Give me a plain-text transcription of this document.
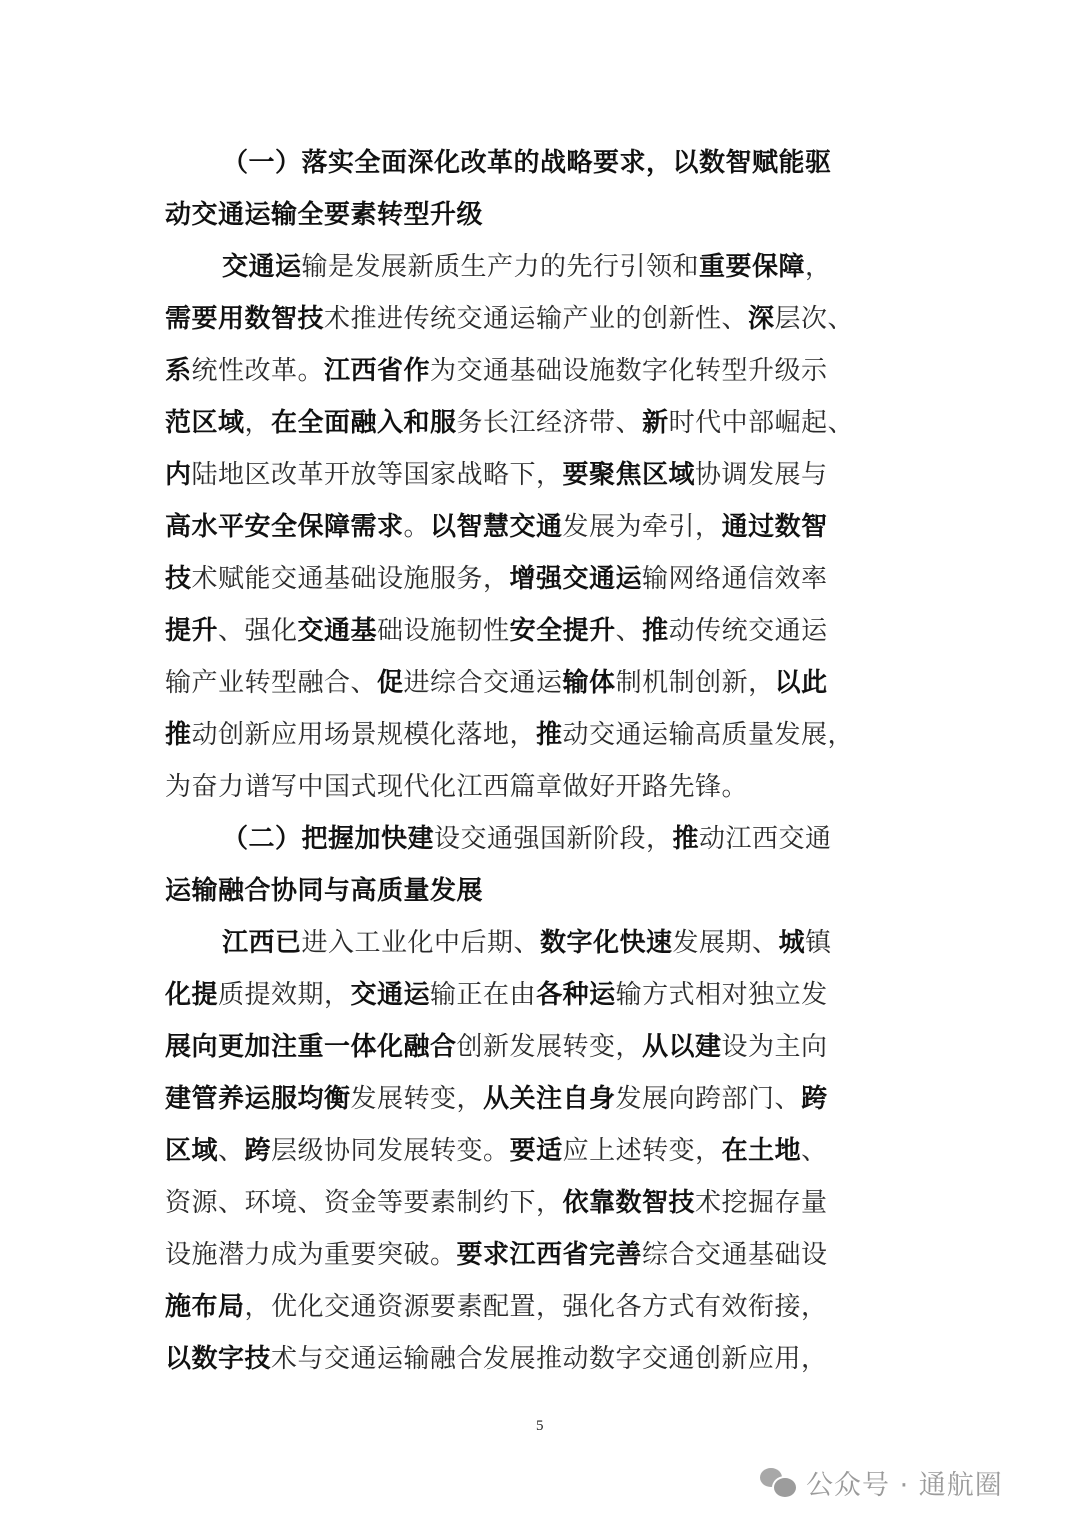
（一）落实全面深化改革的战略要求，以数智赋能驱
动交通运输全要素转型升级
交通运输是发展新质生产力的先行引领和重要保障，
需要用数智技术推进传统交通运输产业的创新性、深层次、
系统性改革。江西省作为交通基础设施数字化转型升级示
范区域，在全面融入和服务长江经济带、新时代中部崛起、
内陆地区改革开放等国家战略下，要聚焦区域协调发展与
高水平安全保障需求。以智慧交通发展为牵引，通过数智
技术赋能交通基础设施服务，增强交通运输网络通信效率
提升、强化交通基础设施韧性安全提升、推动传统交通运
输产业转型融合、促进综合交通运输体制机制创新，以此
推动创新应用场景规模化落地，推动交通运输高质量发展，
为奋力谱写中国式现代化江西篇章做好开路先锋。
（二）把握加快建设交通强国新阶段，推动江西交通
运输融合协同与高质量发展
江西已进入工业化中后期、数字化快速发展期、城镇
化提质提效期，交通运输正在由各种运输方式相对独立发
展向更加注重一体化融合创新发展转变，从以建设为主向
建管养运服均衡发展转变，从关注自身发展向跨部门、跨
区域、跨层级协同发展转变。要适应上述转变，在土地、
资源、环境、资金等要素制约下，依靠数智技术挖掘存量
设施潜力成为重要突破。要求江西省完善综合交通基础设
施布局，优化交通资源要素配置，强化各方式有效衔接，
以数字技术与交通运输融合发展推动数字交通创新应用，
5
公众号 · 通航圈
